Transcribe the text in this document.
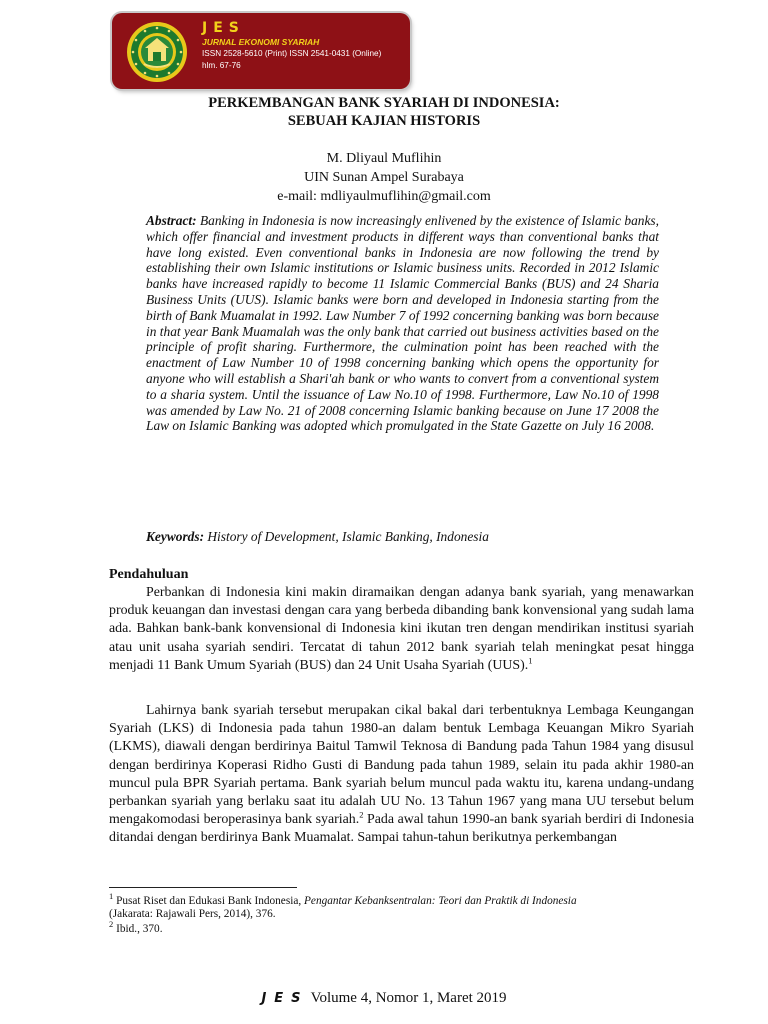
JES
JURNAL EKONOMI SYARIAH
ISSN 2528-5610 (Print) ISSN 2541-0431 (Online)
hlm. 67-76
PERKEMBANGAN BANK SYARIAH DI INDONESIA:
SEBUAH KAJIAN HISTORIS
M. Dliyaul Muflihin
UIN Sunan Ampel Surabaya
e-mail: mdliyaulmuflihin@gmail.com

Abstract: Banking in Indonesia is now increasingly enlivened by the existence of Islamic banks, which offer financial and investment products in different ways than conventional banks that have long existed. Even conventional banks in Indonesia are now following the trend by establishing their own Islamic institutions or Islamic business units. Recorded in 2012 Islamic banks have increased rapidly to become 11 Islamic Commercial Banks (BUS) and 24 Sharia Business Units (UUS). Islamic banks were born and developed in Indonesia starting from the birth of Bank Muamalat in 1992. Law Number 7 of 1992 concerning banking was born because in that year Bank Muamalah was the only bank that carried out business activities based on the principle of profit sharing. Furthermore, the culmination point has been reached with the enactment of Law Number 10 of 1998 concerning banking which opens the opportunity for anyone who will establish a Shari'ah bank or who wants to convert from a conventional system to a sharia system. Until the issuance of Law No.10 of 1998. Furthermore, Law No.10 of 1998 was amended by Law No. 21 of 2008 concerning Islamic banking because on June 17 2008 the Law on Islamic Banking was adopted which promulgated in the State Gazette on July 16 2008.

Keywords: History of Development, Islamic Banking, Indonesia

Pendahuluan

Perbankan di Indonesia kini makin diramaikan dengan adanya bank syariah, yang menawarkan produk keuangan dan investasi dengan cara yang berbeda dibanding bank konvensional yang sudah lama ada. Bahkan bank-bank konvensional di Indonesia kini ikutan tren dengan mendirikan institusi syariah atau unit usaha syariah sendiri. Tercatat di tahun 2012 bank syariah telah meningkat pesat hingga menjadi 11 Bank Umum Syariah (BUS) dan 24 Unit Usaha Syariah (UUS).$^1$

Lahirnya bank syariah tersebut merupakan cikal bakal dari terbentuknya Lembaga Keungangan Syariah (LKS) di Indonesia pada tahun 1980-an dalam bentuk Lembaga Keuangan Mikro Syariah (LKMS), diawali dengan berdirinya Baitul Tamwil Teknosa di Bandung pada Tahun 1984 yang disusul dengan berdirinya Koperasi Ridho Gusti di Bandung pada tahun 1989, selain itu pada akhir 1980-an muncul pula BPR Syariah pertama. Bank syariah belum muncul pada waktu itu, karena undang-undang perbankan syariah yang berlaku saat itu adalah UU No. 13 Tahun 1967 yang mana UU tersebut belum mengakomodasi beroperasinya bank syariah.$^2$ Pada awal tahun 1990-an bank syariah berdiri di Indonesia ditandai dengan berdirinya Bank Muamalat. Sampai tahun-tahun berikutnya perkembangan

$^1$ Pusat Riset dan Edukasi Bank Indonesia, Pengantar Kebanksentralan: Teori dan Praktik di Indonesia
(Jakarata: Rajawali Pers, 2014), 376.

$^2$ Ibid., 370.

JES Volume 4, Nomor 1, Maret 2019
